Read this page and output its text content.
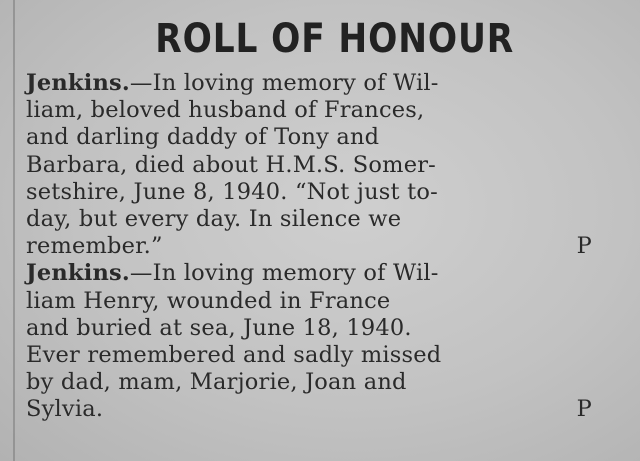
ROLL OF HONOUR
Jenkins.—In loving memory of Wil-
liam, beloved husband of Frances,
and darling daddy of Tony and
Barbara, died about H.M.S. Somer-
setshire, June 8, 1940. “Not just to-
day, but every day. In silence we
remember.”	P
Jenkins.—In loving memory of Wil-
liam Henry, wounded in France
and buried at sea, June 18, 1940.
Ever remembered and sadly missed
by dad, mam, Marjorie, Joan and
Sylvia.	P
